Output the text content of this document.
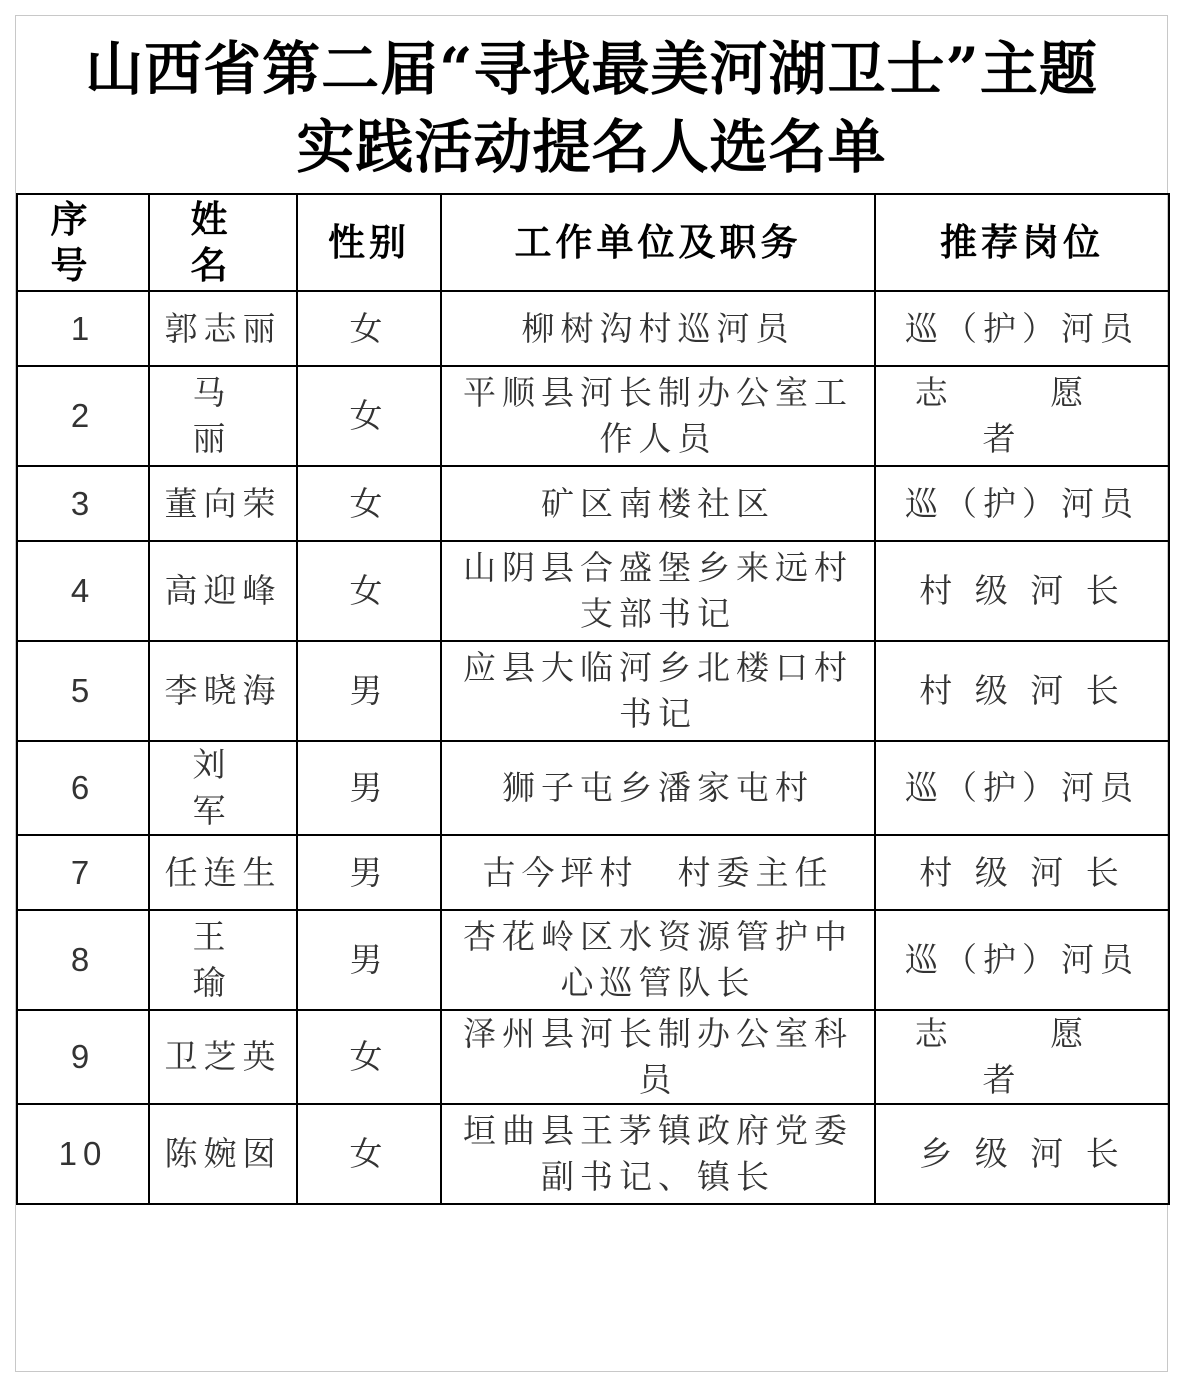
山西省第二届“寻找最美河湖卫士”主题
实践活动提名人选名单
序 号	姓 名	性别	工作单位及职务	推荐岗位
1	郭志丽	女	柳树沟村巡河员	巡（护）河员
2	马 丽	女	平顺县河长制办公室工作人员	志 愿 者
3	董向荣	女	矿区南楼社区	巡（护）河员
4	高迎峰	女	山阴县合盛堡乡来远村支部书记	村 级 河 长
5	李晓海	男	应县大临河乡北楼口村书记	村 级 河 长
6	刘 军	男	狮子屯乡潘家屯村	巡（护）河员
7	任连生	男	古今坪村　村委主任	村 级 河 长
8	王 瑜	男	杏花岭区水资源管护中心巡管队长	巡（护）河员
9	卫芝英	女	泽州县河长制办公室科员	志 愿 者
10	陈婉囡	女	垣曲县王茅镇政府党委副书记、镇长	乡 级 河 长
